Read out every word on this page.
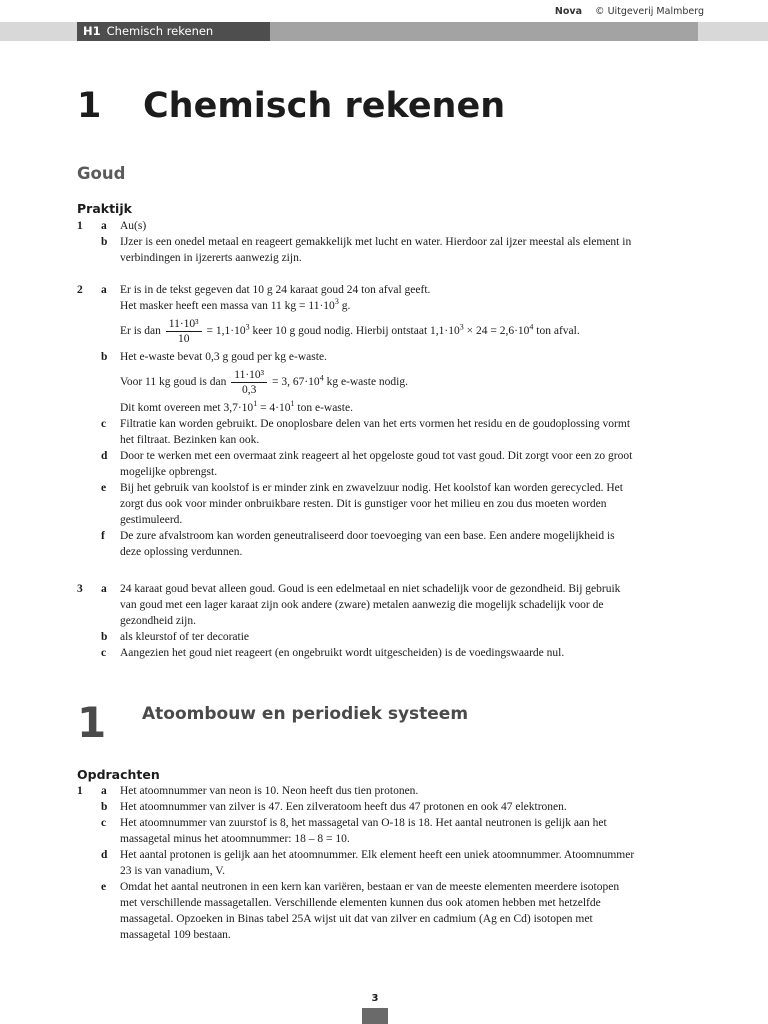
Nova © Uitgeverij Malmberg
H1 Chemisch rekenen
1 Chemisch rekenen
Goud
Praktijk
1 a Au(s)
b IJzer is een onedel metaal en reageert gemakkelijk met lucht en water. Hierdoor zal ijzer meestal als element in verbindingen in ijzererts aanwezig zijn.
2 a Er is in de tekst gegeven dat 10 g 24 karaat goud 24 ton afval geeft.
Het masker heeft een massa van 11 kg = $11\cdot 10^3$ g.
Er is dan $\frac{\text{11·10³}}{10} = 1,1\cdot 10^3$ keer 10 g goud nodig. Hierbij ontstaat $1,1\cdot 10^3 \times 24 = 2,6\cdot 10^4$ ton afval.
b Het e-waste bevat 0,3 g goud per kg e-waste.
Voor 11 kg goud is dan $\frac{\text{11·10³}}{0,3} = 3$, $67\cdot 10^4$ kg e-waste nodig.
Dit komt overeen met $3,7\cdot 10^1 = 4\cdot 10^1$ ton e-waste.
c Filtratie kan worden gebruikt. De onoplosbare delen van het erts vormen het residu en de goudoplossing vormt het filtraat. Bezinken kan ook.
d Door te werken met een overmaat zink reageert al het opgeloste goud tot vast goud. Dit zorgt voor een zo groot mogelijke opbrengst.
e Bij het gebruik van koolstof is er minder zink en zwavelzuur nodig. Het koolstof kan worden gerecycled. Het zorgt dus ook voor minder onbruikbare resten. Dit is gunstiger voor het milieu en zou dus moeten worden gestimuleerd.
f De zure afvalstroom kan worden geneutraliseerd door toevoeging van een base. Een andere mogelijkheid is deze oplossing verdunnen.
3 a 24 karaat goud bevat alleen goud. Goud is een edelmetaal en niet schadelijk voor de gezondheid. Bij gebruik van goud met een lager karaat zijn ook andere (zware) metalen aanwezig die mogelijk schadelijk voor de gezondheid zijn.
b als kleurstof of ter decoratie
c Aangezien het goud niet reageert (en ongebruikt wordt uitgescheiden) is de voedingswaarde nul.
1 Atoombouw en periodiek systeem
Opdrachten
1 a Het atoomnummer van neon is 10. Neon heeft dus tien protonen.
b Het atoomnummer van zilver is 47. Een zilveratoom heeft dus 47 protonen en ook 47 elektronen.
c Het atoomnummer van zuurstof is 8, het massagetal van O-18 is 18. Het aantal neutronen is gelijk aan het massagetal minus het atoomnummer: 18 – 8 = 10.
d Het aantal protonen is gelijk aan het atoomnummer. Elk element heeft een uniek atoomnummer. Atoomnummer 23 is van vanadium, V.
e Omdat het aantal neutronen in een kern kan variëren, bestaan er van de meeste elementen meerdere isotopen met verschillende massagetallen. Verschillende elementen kunnen dus ook atomen hebben met hetzelfde massagetal. Opzoeken in Binas tabel 25A wijst uit dat van zilver en cadmium (Ag en Cd) isotopen met massagetal 109 bestaan.
3
